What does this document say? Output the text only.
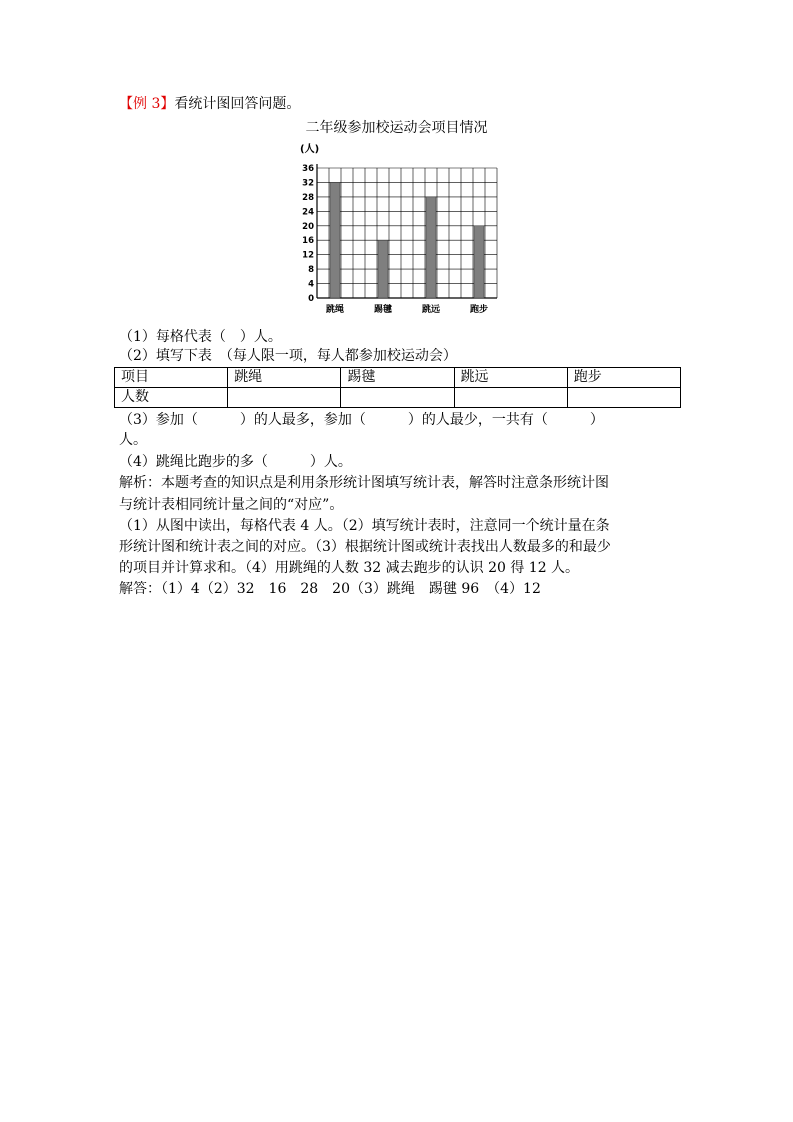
【例 3】看统计图回答问题。
二年级参加校运动会项目情况
(人)
0
4
8
12
16
20
24
28
32
36
跳绳	踢毽	跳远	跑步
（1）每格代表（　）人。
（2）填写下表　（每人限一项，每人都参加校运动会）
项目	跳绳	踢毽	跳远	跑步
人数				
（3）参加（　　　）的人最多，参加（　　　）的人最少，一共有（　　　）
人。
（4）跳绳比跑步的多（　　　）人。
解析：本题考查的知识点是利用条形统计图填写统计表，解答时注意条形统计图
与统计表相同统计量之间的“对应”。
（1）从图中读出，每格代表 4 人。（2）填写统计表时，注意同一个统计量在条
形统计图和统计表之间的对应。（3）根据统计图或统计表找出人数最多的和最少
的项目并计算求和。（4）用跳绳的人数 32 减去跑步的认识 20 得 12 人。
解答：（1）4（2）32　16　28　20（3）跳绳　踢毽 96　（4）12
